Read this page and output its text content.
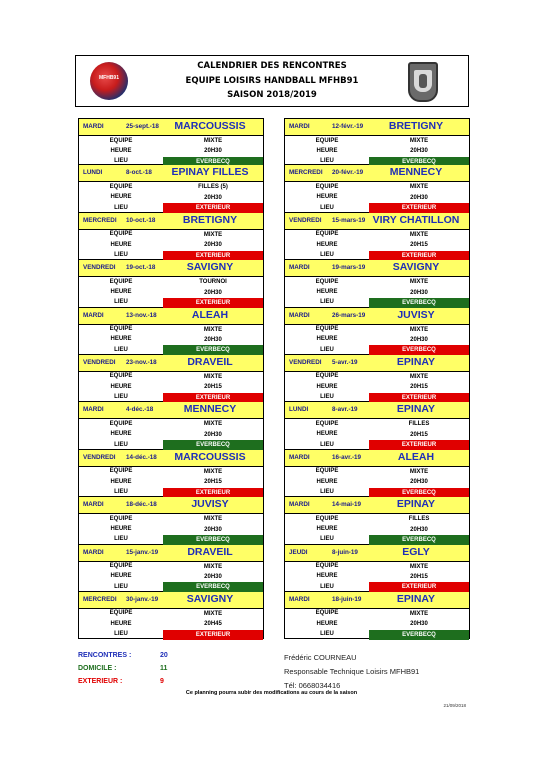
MFHB91
CALENDRIER DES RENCONTRES
EQUIPE LOISIRS HANDBALL MFHB91
SAISON 2018/2019
MARDI	25-sept.-18	MARCOUSSIS
EQUIPE	MIXTE
HEURE	20H30
LIEU	EVERBECQ
LUNDI	8-oct.-18	EPINAY FILLES
EQUIPE	FILLES (5)
HEURE	20H30
LIEU	EXTERIEUR
MERCREDI 10-oct.-18	BRETIGNY
EQUIPE	MIXTE
HEURE	20H30
LIEU	EXTERIEUR
VENDREDI 19-oct.-18	SAVIGNY
EQUIPE	TOURNOI
HEURE	20H30
LIEU	EXTERIEUR
MARDI	13-nov.-18	ALEAH
EQUIPE	MIXTE
HEURE	20H30
LIEU	EVERBECQ
VENDREDI 23-nov.-18	DRAVEIL
EQUIPE	MIXTE
HEURE	20H15
LIEU	EXTERIEUR
MARDI	4-déc.-18	MENNECY
EQUIPE	MIXTE
HEURE	20H30
LIEU	EVERBECQ
VENDREDI 14-déc.-18	MARCOUSSIS
EQUIPE	MIXTE
HEURE	20H15
LIEU	EXTERIEUR
MARDI	18-déc.-18	JUVISY
EQUIPE	MIXTE
HEURE	20H30
LIEU	EVERBECQ
MARDI	15-janv.-19	DRAVEIL
EQUIPE	MIXTE
HEURE	20H30
LIEU	EVERBECQ
MERCREDI 30-janv.-19	SAVIGNY
EQUIPE	MIXTE
HEURE	20H45
LIEU	EXTERIEUR
MARDI	12-févr.-19	BRETIGNY
EQUIPE	MIXTE
HEURE	20H30
LIEU	EVERBECQ
MERCREDI 20-févr.-19	MENNECY
EQUIPE	MIXTE
HEURE	20H30
LIEU	EXTERIEUR
VENDREDI 15-mars-19 VIRY CHATILLON
EQUIPE	MIXTE
HEURE	20H15
LIEU	EXTERIEUR
MARDI	19-mars-19	SAVIGNY
EQUIPE	MIXTE
HEURE	20H30
LIEU	EVERBECQ
MARDI	26-mars-19	JUVISY
EQUIPE	MIXTE
HEURE	20H30
LIEU	EVERBECQ
VENDREDI 5-avr.-19	EPINAY
EQUIPE	MIXTE
HEURE	20H15
LIEU	EXTERIEUR
LUNDI	8-avr.-19	EPINAY
EQUIPE	FILLES
HEURE	20H15
LIEU	EXTERIEUR
MARDI	16-avr.-19	ALEAH
EQUIPE	MIXTE
HEURE	20H30
LIEU	EVERBECQ
MARDI	14-mai-19	EPINAY
EQUIPE	FILLES
HEURE	20H30
LIEU	EVERBECQ
JEUDI	8-juin-19	EGLY
EQUIPE	MIXTE
HEURE	20H15
LIEU	EXTERIEUR
MARDI	18-juin-19	EPINAY
EQUIPE	MIXTE
HEURE	20H30
LIEU	EVERBECQ
RENCONTRES :	20
DOMICILE :	11
EXTERIEUR :	9
Frédéric COURNEAU
Responsable Technique Loisirs MFHB91
Tél: 0668034416
Ce planning pourra subir des modifications au cours de la saison
21/09/2018
